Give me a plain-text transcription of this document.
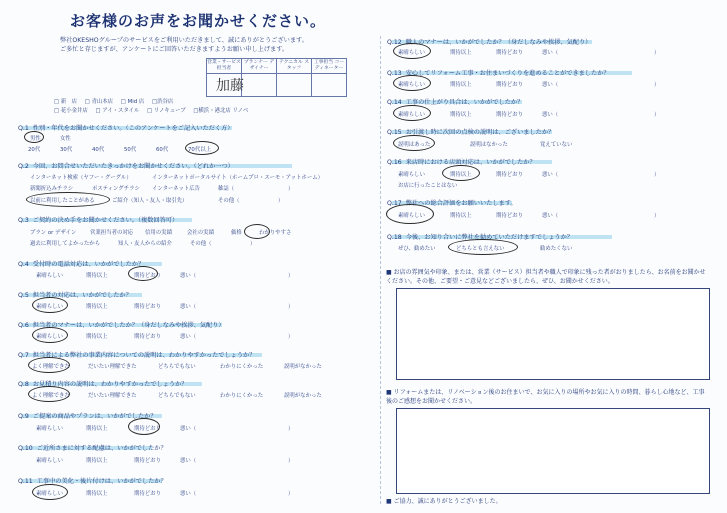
お客様のお声をお聞かせください。
弊社OKESHOグループのサービスをご利用いただきまして、誠にありがとうございます。
ご多忙と存じますが、アンケートにご回答いただきますようお願い申し上げます。
営業・サービス担当者	プランナー デザイナー	テクニカル スタッフ	工事担当 コーディネーター

加藤
□ 新　店 □ 青山本店 □ Mid 店 □渋谷店
□ 花小金井店 □ アイ・スタイル □ リノキューブ □横浜・港北店 リノベ
Q.1 性別・年代をお聞かせください。（このアンケートをご記入いただく方）
男性	女性
20代	30代	40代	50代	60代	70代以上
Q.2 今回、お問合せいただいたきっかけをお聞かせください。（どれか一つ）
インターネット検索（ヤフー・グーグル）	インターネットポータルサイト（ホームプロ・スーモ・アットホーム）
新聞折込みチラシ	ポスティングチラシ インターネット広告	雑誌（	）
以前に利用したことがある	ご紹介（知人・友人・取引先）	その他（	）
Q.3 ご契約の決め手をお聞かせください。（複数回答可）
プラン or デザイン	営業担当者の対応 信用の実績	会社の実績	価格	わかりやすさ
過去に利用してよかったから	知人・友人からの紹介	その他（	）
Q.4 受付時の電話対応は、いかがでしたか？
素晴らしい	期待以上	期待どおり	悪い（	）
Q.5 担当者の対応は、いかがでしたか？
素晴らしい	期待以上	期待どおり	悪い（	）
Q.6 担当者のマナーは、いかがでしたか？（身だしなみや挨拶、気配り）
素晴らしい	期待以上	期待どおり	悪い（	）
Q.7 担当者による弊社の事業内容についての説明は、わかりやすかったでしょうか？
よく理解できた	だいたい理解できた	どちらでもない	わかりにくかった	説明がなかった
Q.8 お見積り内容の説明は、わかりやすかったでしょうか？
よく理解できた	だいたい理解できた	どちらでもない	わかりにくかった	説明がなかった
Q.9 ご提案の商品やプランは、いかがでしたか？
素晴らしい	期待以上	期待どおり	悪い（	）
Q.10 ご近所さまに対する配慮は、いかがでしたか？
素晴らしい	期待以上	期待どおり	悪い（	）
Q.11 工事中の美化・後片付けは、いかがでしたか？
素晴らしい	期待以上	期待どおり	悪い（	）
Q.12 職人のマナーは、いかがでしたか？（身だしなみや挨拶、気配り）
素晴らしい	期待以上	期待どおり	悪い（	）
Q.13 安心してリフォーム工事・お住まいづくりを進めることができましたか？
素晴らしい	期待以上	期待どおり	悪い（	）
Q.14 工事の仕上がり具合は、いかがでしたか？
素晴らしい	期待以上	期待どおり	悪い（	）
Q.15 お引渡し時に次回の点検の説明は、ございましたか？
説明はあった	説明はなかった	覚えていない
Q.16 来店時における店頭対応は、いかがでしたか？
素晴らしい	期待以上	期待どおり	悪い（	）
お店に行ったことはない
Q.17 弊社への総合評価をお願いいたします。
素晴らしい	期待以上	期待どおり	悪い（	）
Q.18 今後、お知り合いに弊社を勧めていただけますでしょうか？
ぜひ、勧めたい	どちらとも言えない	勧めたくない
■ お店の雰囲気や印象、または、営業（サービス）担当者や職人で印象に残った者がおりましたら、お名前をお聞かせください。その他、ご要望・ご意見などございましたら、ぜひ、お聞かせください。
■ リフォームまたは、リノベーション後のお住まいで、お気に入りの場所やお気に入りの時間、暮らし心地など、工事後のご感想をお聞かせください。
■ ご協力、誠にありがとうございました。
